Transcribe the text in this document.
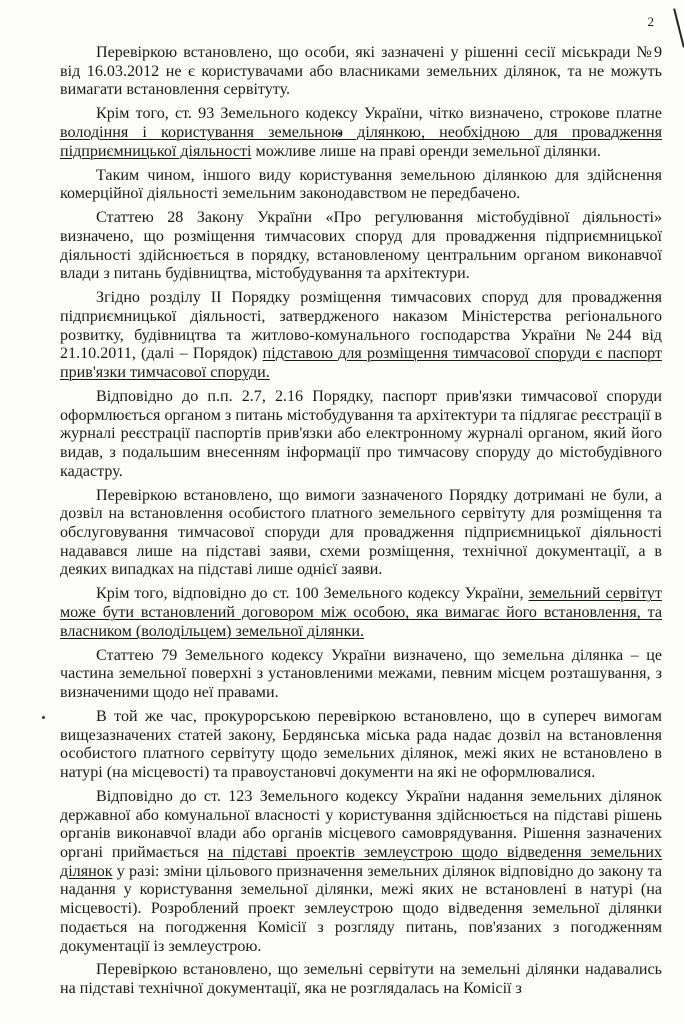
2

Перевіркою встановлено, що особи, які зазначені у рішенні сесії міськради №9 від 16.03.2012 не є користувачами або власниками земельних ділянок, та не можуть вимагати встановлення сервітуту.

Крім того, ст. 93 Земельного кодексу України, чітко визначено, строкове платне володіння і користування земельною ділянкою, необхідною для провадження підприємницької діяльності можливе лише на праві оренди земельної ділянки.

Таким чином, іншого виду користування земельною ділянкою для здійснення комерційної діяльності земельним законодавством не передбачено.

Статтею 28 Закону України «Про регулювання містобудівної діяльності» визначено, що розміщення тимчасових споруд для провадження підприємницької діяльності здійснюється в порядку, встановленому центральним органом виконавчої влади з питань будівництва, містобудування та архітектури.

Згідно розділу II Порядку розміщення тимчасових споруд для провадження підприємницької діяльності, затвердженого наказом Міністерства регіонального розвитку, будівництва та житлово-комунального господарства України №244 від 21.10.2011, (далі – Порядок) підставою для розміщення тимчасової споруди є паспорт прив'язки тимчасової споруди.

Відповідно до п.п. 2.7, 2.16 Порядку, паспорт прив'язки тимчасової споруди оформлюється органом з питань містобудування та архітектури та підлягає реєстрації в журналі реєстрації паспортів прив'язки або електронному журналі органом, який його видав, з подальшим внесенням інформації про тимчасову споруду до містобудівного кадастру.

Перевіркою встановлено, що вимоги зазначеного Порядку дотримані не були, а дозвіл на встановлення особистого платного земельного сервітуту для розміщення та обслуговування тимчасової споруди для провадження підприємницької діяльності надавався лише на підставі заяви, схеми розміщення, технічної документації, а в деяких випадках на підставі лише однієї заяви.

Крім того, відповідно до ст. 100 Земельного кодексу України, земельний сервітут може бути встановлений договором між особою, яка вимагає його встановлення, та власником (володільцем) земельної ділянки.

Статтею 79 Земельного кодексу України визначено, що земельна ділянка – це частина земельної поверхні з установленими межами, певним місцем розташування, з визначеними щодо неї правами.

В той же час, прокурорською перевіркою встановлено, що в супереч вимогам вищезазначених статей закону, Бердянська міська рада надає дозвіл на встановлення особистого платного сервітуту щодо земельних ділянок, межі яких не встановлено в натурі (на місцевості) та правоустановчі документи на які не оформлювалися.

Відповідно до ст. 123 Земельного кодексу України надання земельних ділянок державної або комунальної власності у користування здійснюється на підставі рішень органів виконавчої влади або органів місцевого самоврядування. Рішення зазначених органі приймається на підставі проектів землеустрою щодо відведення земельних ділянок у разі: зміни цільового призначення земельних ділянок відповідно до закону та надання у користування земельної ділянки, межі яких не встановлені в натурі (на місцевості). Розроблений проект землеустрою щодо відведення земельної ділянки подається на погодження Комісії з розгляду питань, пов'язаних з погодженням документації із землеустрою.

Перевіркою встановлено, що земельні сервітути на земельні ділянки надавались на підставі технічної документації, яка не розглядалась на Комісії з
